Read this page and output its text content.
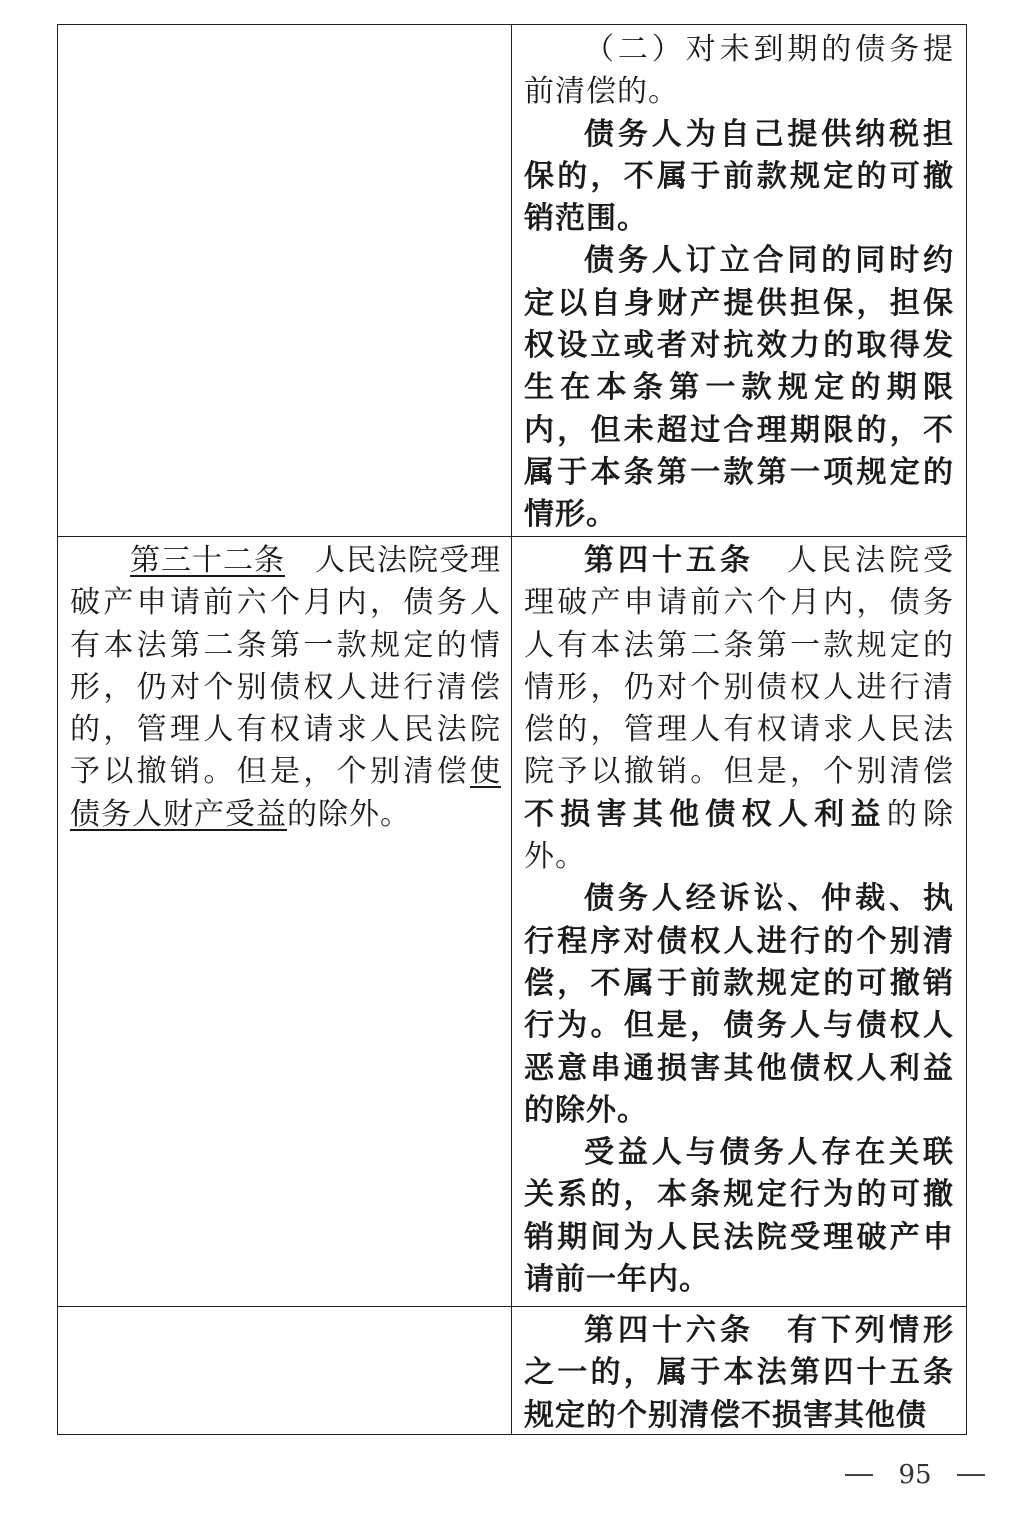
（二）对未到期的债务提前清偿的。

债务人为自己提供纳税担保的，不属于前款规定的可撤销范围。

债务人订立合同的同时约定以自身财产提供担保，担保权设立或者对抗效力的取得发生在本条第一款规定的期限内，但未超过合理期限的，不属于本条第一款第一项规定的情形。

第三十二条 人民法院受理破产申请前六个月内，债务人有本法第二条第一款规定的情形，仍对个别债权人进行清偿的，管理人有权请求人民法院予以撤销。但是，个别清偿使债务人财产受益的除外。

第四十五条 人民法院受理破产申请前六个月内，债务人有本法第二条第一款规定的情形，仍对个别债权人进行清偿的，管理人有权请求人民法院予以撤销。但是，个别清偿不损害其他债权人利益的除外。

债务人经诉讼、仲裁、执行程序对债权人进行的个别清偿，不属于前款规定的可撤销行为。但是，债务人与债权人恶意串通损害其他债权人利益的除外。

受益人与债务人存在关联关系的，本条规定行为的可撤销期间为人民法院受理破产申请前一年内。

第四十六条 有下列情形之一的，属于本法第四十五条规定的个别清偿不损害其他债

95
